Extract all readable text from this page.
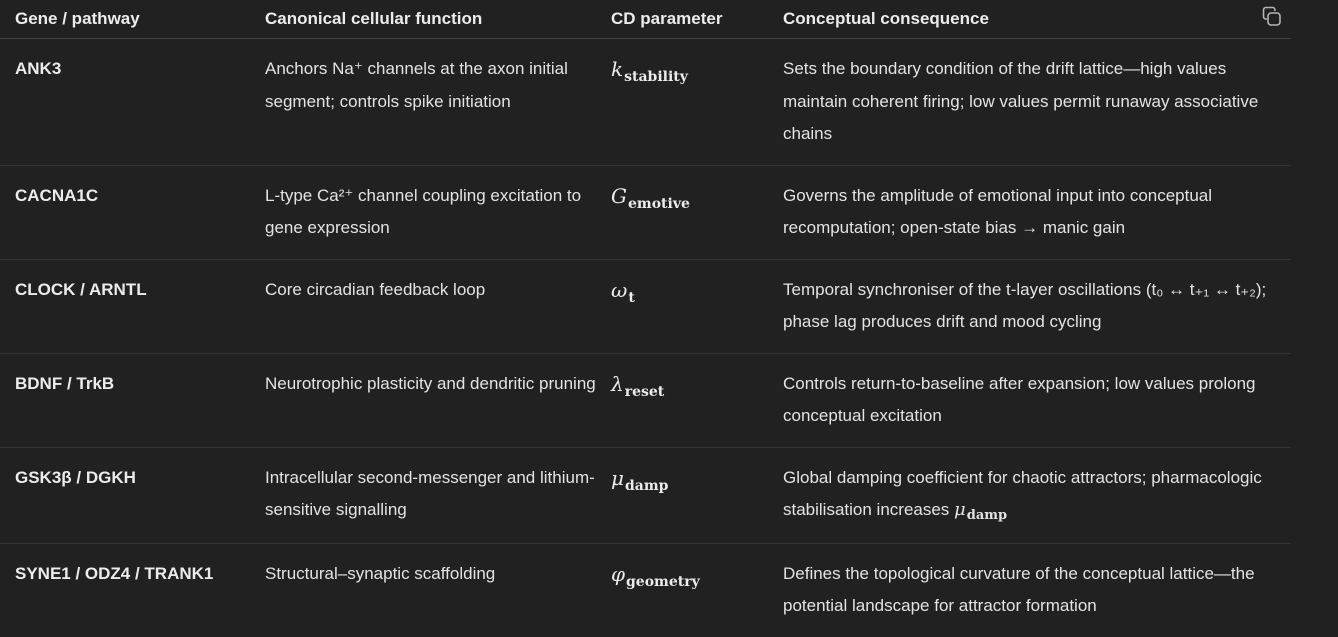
Gene / pathway	Canonical cellular function	CD parameter	Conceptual consequence
ANK3	Anchors Na⁺ channels at the axon initial segment; controls spike initiation	$k_{stability}$	Sets the boundary condition of the drift lattice—high values maintain coherent firing; low values permit runaway associative chains
CACNA1C	L-type Ca²⁺ channel coupling excitation to gene expression	$G_{emotive}$	Governs the amplitude of emotional input into conceptual recomputation; open-state bias → manic gain
CLOCK / ARNTL	Core circadian feedback loop	$\omega_t$	Temporal synchroniser of the t-layer oscillations (t₀ ↔ t₊₁ ↔ t₊₂); phase lag produces drift and mood cycling
BDNF / TrkB	Neurotrophic plasticity and dendritic pruning	$\lambda_{reset}$	Controls return-to-baseline after expansion; low values prolong conceptual excitation
GSK3β / DGKH	Intracellular second-messenger and lithium-sensitive signalling	$\mu_{damp}$	Global damping coefficient for chaotic attractors; pharmacologic stabilisation increases $\mu_{damp}$
SYNE1 / ODZ4 / TRANK1	Structural–synaptic scaffolding	$\varphi_{geometry}$	Defines the topological curvature of the conceptual lattice—the potential landscape for attractor formation
